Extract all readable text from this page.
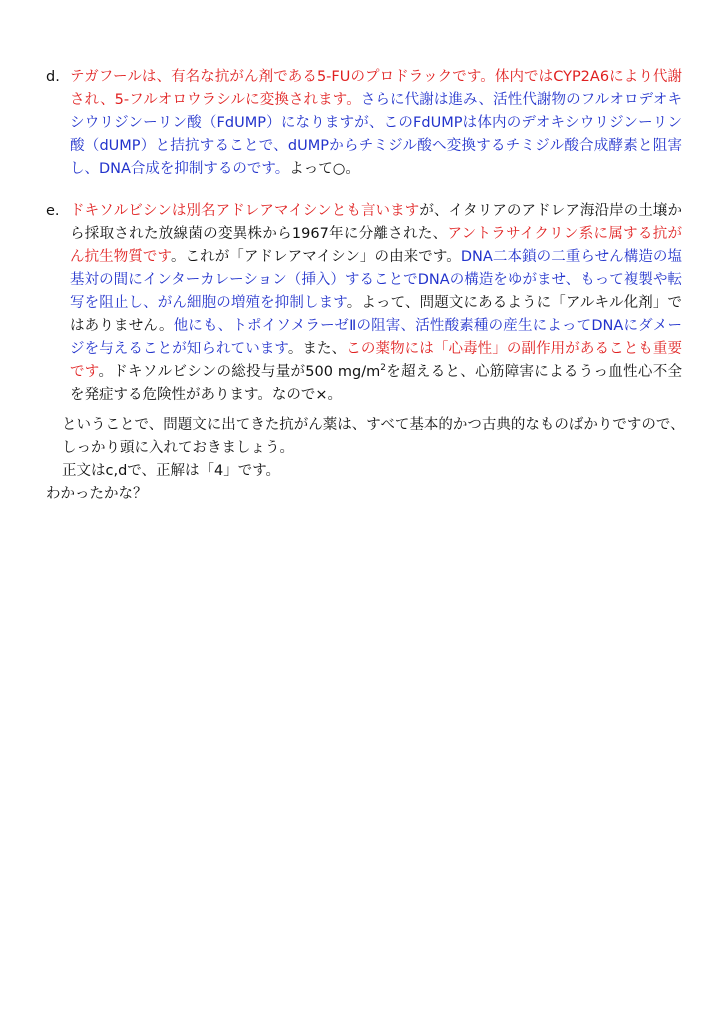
d. テガフールは、有名な抗がん剤である5-FUのプロドラックです。体内ではCYP2A6により代謝され、5-フルオロウラシルに変換されます。さらに代謝は進み、活性代謝物のフルオロデオキシウリジンーリン酸（FdUMP）になりますが、このFdUMPは体内のデオキシウリジンーリン酸（dUMP）と拮抗することで、dUMPからチミジル酸へ変換するチミジル酸合成酵素と阻害し、DNA合成を抑制するのです。よって○。
e. ドキソルビシンは別名アドレアマイシンとも言いますが、イタリアのアドレア海沿岸の土壌から採取された放線菌の変異株から1967年に分離された、アントラサイクリン系に属する抗がん抗生物質です。これが「アドレアマイシン」の由来です。DNA二本鎖の二重らせん構造の塩基対の間にインターカレーション（挿入）することでDNAの構造をゆがませ、もって複製や転写を阻止し、がん細胞の増殖を抑制します。よって、問題文にあるように「アルキル化剤」ではありません。他にも、トポイソメラーゼⅡの阻害、活性酸素種の産生によってDNAにダメージを与えることが知られています。また、この薬物には「心毒性」の副作用があることも重要です。ドキソルビシンの総投与量が500 $mg/m^2$を超えると、心筋障害によるうっ血性心不全を発症する危険性があります。なので×。

ということで、問題文に出てきた抗がん薬は、すべて基本的かつ古典的なものばかりですので、しっかり頭に入れておきましょう。

正文はc,dで、正解は「4」です。

わかったかな？
